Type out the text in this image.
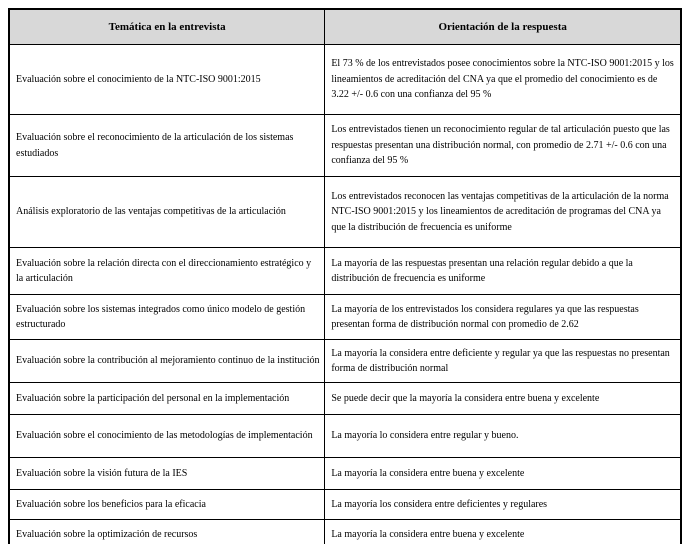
Temática en la entrevista	Orientación de la respuesta
Evaluación sobre el conocimiento de la NTC-ISO 9001:2015	El 73 % de los entrevistados posee conocimientos sobre la NTC-ISO 9001:2015 y los lineamientos de acreditación del CNA ya que el promedio del conocimiento es de 3.22 +/- 0.6 con una confianza del 95 %
Evaluación sobre el reconocimiento de la articulación de los sistemas estudiados	Los entrevistados tienen un reconocimiento regular de tal articulación puesto que las respuestas presentan una distribución normal, con promedio de 2.71 +/- 0.6 con una confianza del 95 %
Análisis exploratorio de las ventajas competitivas de la articulación	Los entrevistados reconocen las ventajas competitivas de la articulación de la norma NTC-ISO 9001:2015 y los lineamientos de acreditación de programas del CNA ya que la distribución de frecuencia es uniforme
Evaluación sobre la relación directa con el direccionamiento estratégico y la articulación	La mayoría de las respuestas presentan una relación regular debido a que la distribución de frecuencia es uniforme
Evaluación sobre los sistemas integrados como único modelo de gestión estructurado	La mayoría de los entrevistados los considera regulares ya que las respuestas presentan forma de distribución normal con promedio de 2.62
Evaluación sobre la contribución al mejoramiento continuo de la institución	La mayoría la considera entre deficiente y regular ya que las respuestas no presentan forma de distribución normal
Evaluación sobre la participación del personal en la implementación	Se puede decir que la mayoría la considera entre buena y excelente
Evaluación sobre el conocimiento de las metodologías de implementación	La mayoría lo considera entre regular y bueno.
Evaluación sobre la visión futura de la IES	La mayoría la considera entre buena y excelente
Evaluación sobre los beneficios para la eficacia	La mayoría los considera entre deficientes y regulares
Evaluación sobre la optimización de recursos	La mayoría la considera entre buena y excelente
